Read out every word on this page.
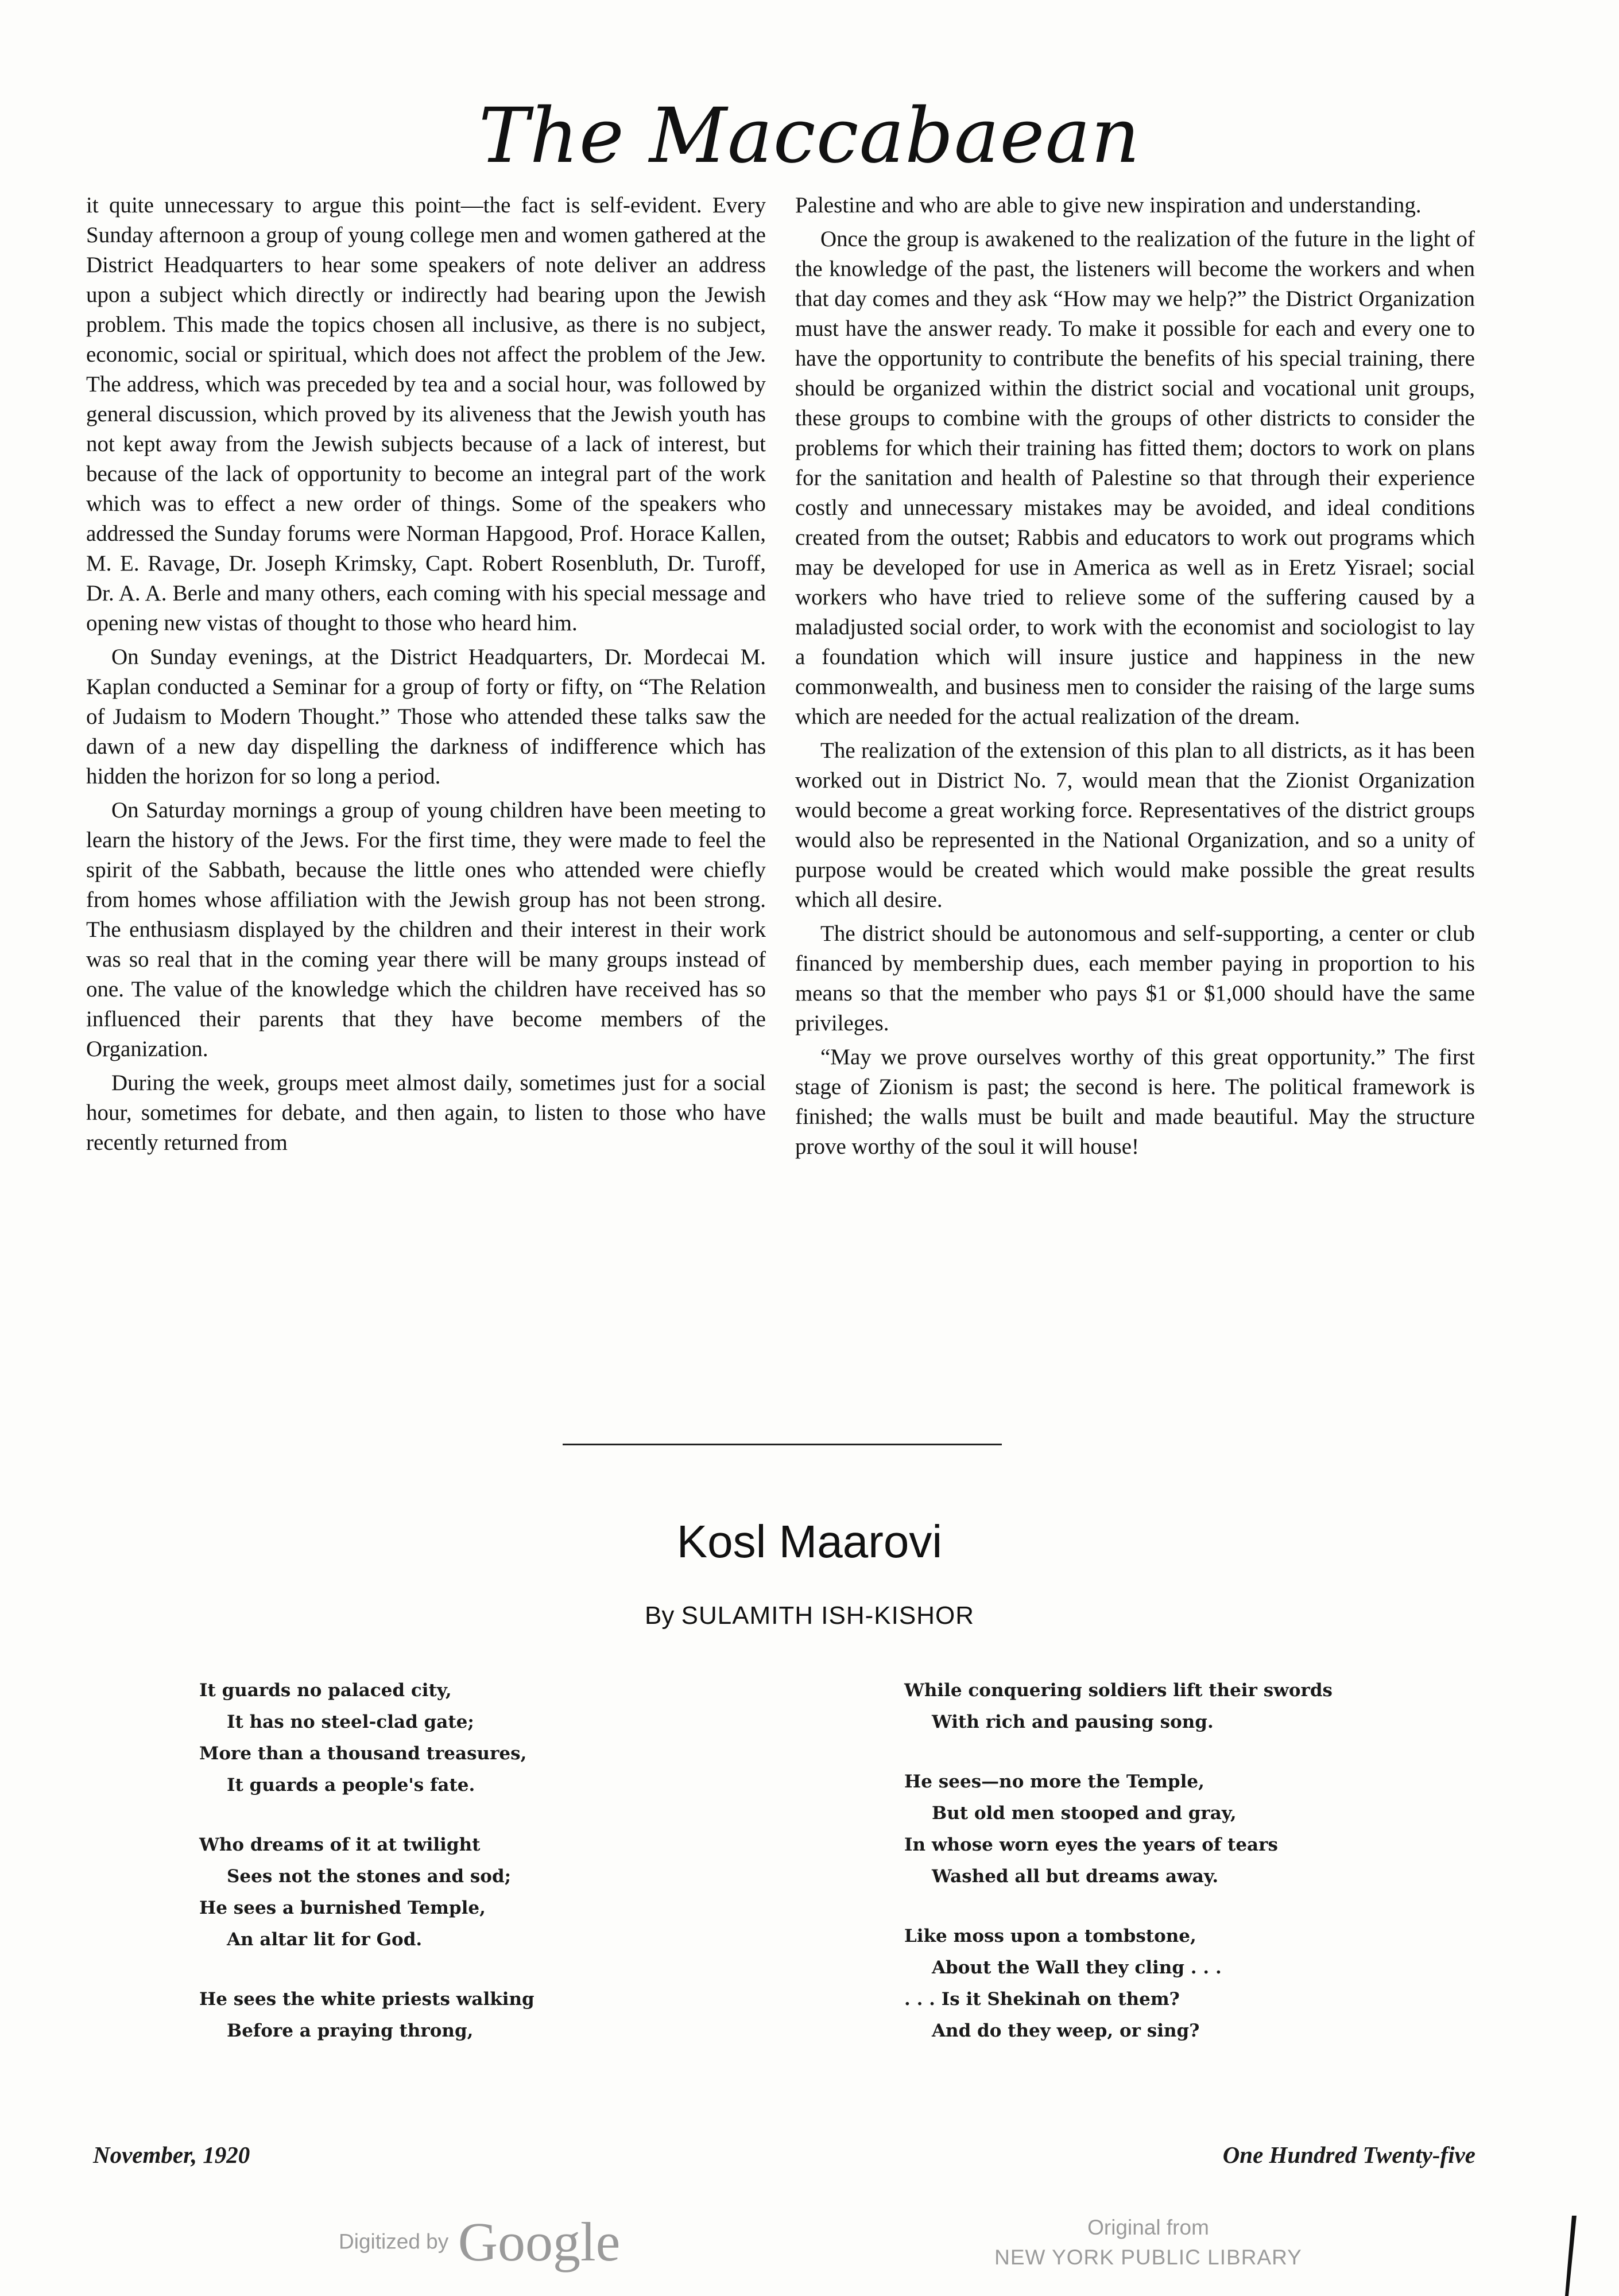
The Maccabaean

it quite unnecessary to argue this point—the fact is self-evident. Every Sunday afternoon a group of young college men and women gathered at the District Headquarters to hear some speakers of note deliver an address upon a subject which directly or indirectly had bearing upon the Jewish problem. This made the topics chosen all inclusive, as there is no subject, economic, social or spiritual, which does not affect the problem of the Jew. The address, which was preceded by tea and a social hour, was followed by general discussion, which proved by its aliveness that the Jewish youth has not kept away from the Jewish subjects because of a lack of interest, but because of the lack of opportunity to become an integral part of the work which was to effect a new order of things. Some of the speakers who addressed the Sunday forums were Norman Hapgood, Prof. Horace Kallen, M. E. Ravage, Dr. Joseph Krimsky, Capt. Robert Rosenbluth, Dr. Turoff, Dr. A. A. Berle and many others, each coming with his special message and opening new vistas of thought to those who heard him.

On Sunday evenings, at the District Headquarters, Dr. Mordecai M. Kaplan conducted a Seminar for a group of forty or fifty, on “The Relation of Judaism to Modern Thought.” Those who attended these talks saw the dawn of a new day dispelling the darkness of indifference which has hidden the horizon for so long a period.

On Saturday mornings a group of young children have been meeting to learn the history of the Jews. For the first time, they were made to feel the spirit of the Sabbath, because the little ones who attended were chiefly from homes whose affiliation with the Jewish group has not been strong. The enthusiasm displayed by the children and their interest in their work was so real that in the coming year there will be many groups instead of one. The value of the knowledge which the children have received has so influenced their parents that they have become members of the Organization.

During the week, groups meet almost daily, sometimes just for a social hour, sometimes for debate, and then again, to listen to those who have recently returned from

Palestine and who are able to give new inspiration and understanding.

Once the group is awakened to the realization of the future in the light of the knowledge of the past, the listeners will become the workers and when that day comes and they ask “How may we help?” the District Organization must have the answer ready. To make it possible for each and every one to have the opportunity to contribute the benefits of his special training, there should be organized within the district social and vocational unit groups, these groups to combine with the groups of other districts to consider the problems for which their training has fitted them; doctors to work on plans for the sanitation and health of Palestine so that through their experience costly and unnecessary mistakes may be avoided, and ideal conditions created from the outset; Rabbis and educators to work out programs which may be developed for use in America as well as in Eretz Yisrael; social workers who have tried to relieve some of the suffering caused by a maladjusted social order, to work with the economist and sociologist to lay a foundation which will insure justice and happiness in the new commonwealth, and business men to consider the raising of the large sums which are needed for the actual realization of the dream.

The realization of the extension of this plan to all districts, as it has been worked out in District No. 7, would mean that the Zionist Organization would become a great working force. Representatives of the district groups would also be represented in the National Organization, and so a unity of purpose would be created which would make possible the great results which all desire.

The district should be autonomous and self-supporting, a center or club financed by membership dues, each member paying in proportion to his means so that the member who pays $1 or $1,000 should have the same privileges.

“May we prove ourselves worthy of this great opportunity.” The first stage of Zionism is past; the second is here. The political framework is finished; the walls must be built and made beautiful. May the structure prove worthy of the soul it will house!

Kosl Maarovi
By SULAMITH ISH-KISHOR
It guards no palaced city,
It has no steel-clad gate;
More than a thousand treasures,
It guards a people's fate.
Who dreams of it at twilight
Sees not the stones and sod;
He sees a burnished Temple,
An altar lit for God.
He sees the white priests walking
Before a praying throng,
While conquering soldiers lift their swords
With rich and pausing song.
He sees—no more the Temple,
But old men stooped and gray,
In whose worn eyes the years of tears
Washed all but dreams away.
Like moss upon a tombstone,
About the Wall they cling . . .
. . . Is it Shekinah on them?
And do they weep, or sing?
November, 1920	One Hundred Twenty-five
Digitized by Google	Original from
NEW YORK PUBLIC LIBRARY
